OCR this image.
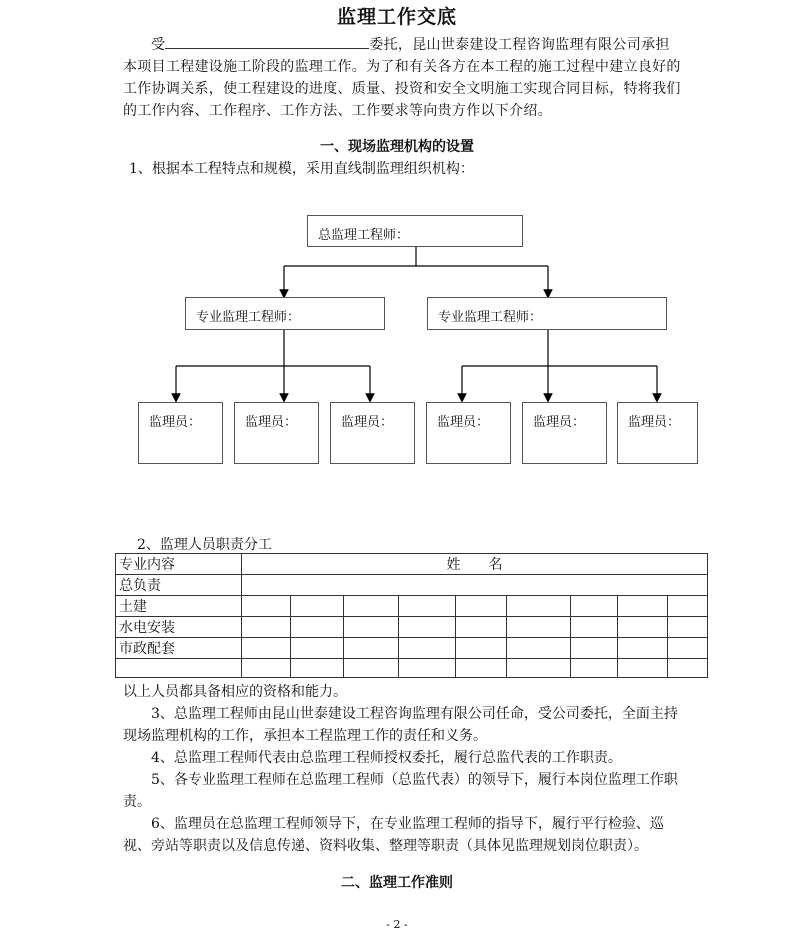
监理工作交底
受	委托，昆山世泰建设工程咨询监理有限公司承担本项目工程建设施工阶段的监理工作。为了和有关各方在本工程的施工过程中建立良好的工作协调关系，使工程建设的进度、质量、投资和安全文明施工实现合同目标，特将我们的工作内容、工作程序、工作方法、工作要求等向贵方作以下介绍。
一、现场监理机构的设置
1、根据本工程特点和规模，采用直线制监理组织机构：
总监理工程师：
专业监理工程师：	专业监理工程师：
监理员：	监理员：	监理员：	监理员：	监理员：	监理员：
2、监理人员职责分工
专业内容	姓　　名								
总负责									
土建									
水电安装									
市政配套									

以上人员都具备相应的资格和能力。
3、总监理工程师由昆山世泰建设工程咨询监理有限公司任命，受公司委托，全面主持现场监理机构的工作，承担本工程监理工作的责任和义务。
4、总监理工程师代表由总监理工程师授权委托，履行总监代表的工作职责。
5、各专业监理工程师在总监理工程师（总监代表）的领导下，履行本岗位监理工作职责。
6、监理员在总监理工程师领导下，在专业监理工程师的指导下，履行平行检验、巡视、旁站等职责以及信息传递、资料收集、整理等职责（具体见监理规划岗位职责）。
二、监理工作准则
- 2 -
